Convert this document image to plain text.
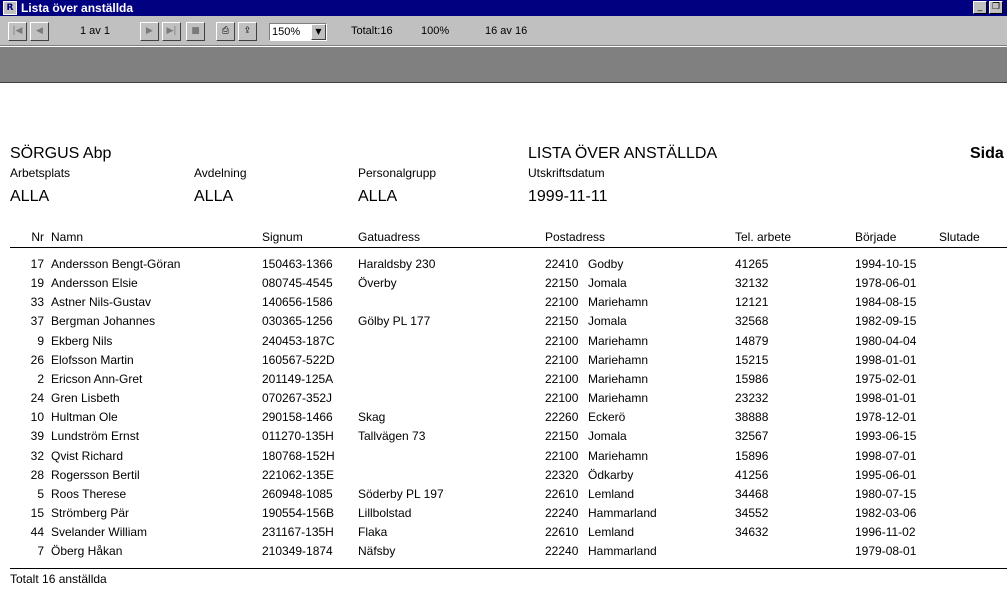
R Lista över anställda	_	❐
|◀	◀	1 av 1	▶	▶|	■	⎙	⇪	150%	▼	Totalt:16	100%	16 av 16
SÖRGUS Abp	LISTA ÖVER ANSTÄLLDA	Sida
Arbetsplats	Avdelning	Personalgrupp	Utskriftsdatum
ALLA	ALLA	ALLA	1999-11-11
Nr Namn	Signum	Gatuadress	Postadress	Tel. arbete	Började	Slutade
17 Andersson Bengt-Göran	150463-1366 Haraldsby 230	22410 Godby	41265	1994-10-15
19 Andersson Elsie	080745-4545 Överby	22150 Jomala	32132	1978-06-01
33 Astner Nils-Gustav	140656-1586	22100 Mariehamn	12121	1984-08-15
37 Bergman Johannes	030365-1256 Gölby PL 177	22150 Jomala	32568	1982-09-15
9 Ekberg Nils	240453-187C	22100 Mariehamn	14879	1980-04-04
26 Elofsson Martin	160567-522D	22100 Mariehamn	15215	1998-01-01
2 Ericson Ann-Gret	201149-125A	22100 Mariehamn	15986	1975-02-01
24 Gren Lisbeth	070267-352J	22100 Mariehamn	23232	1998-01-01
10 Hultman Ole	290158-1466 Skag	22260 Eckerö	38888	1978-12-01
39 Lundström Ernst	011270-135H Tallvägen 73	22150 Jomala	32567	1993-06-15
32 Qvist Richard	180768-152H	22100 Mariehamn	15896	1998-07-01
28 Rogersson Bertil	221062-135E	22320 Ödkarby	41256	1995-06-01
5 Roos Therese	260948-1085 Söderby PL 197	22610 Lemland	34468	1980-07-15
15 Strömberg Pär	190554-156B Lillbolstad	22240 Hammarland	34552	1982-03-06
44 Svelander William	231167-135H Flaka	22610 Lemland	34632	1996-11-02
7 Öberg Håkan	210349-1874 Näfsby	22240 Hammarland	1979-08-01
Totalt 16 anställda
